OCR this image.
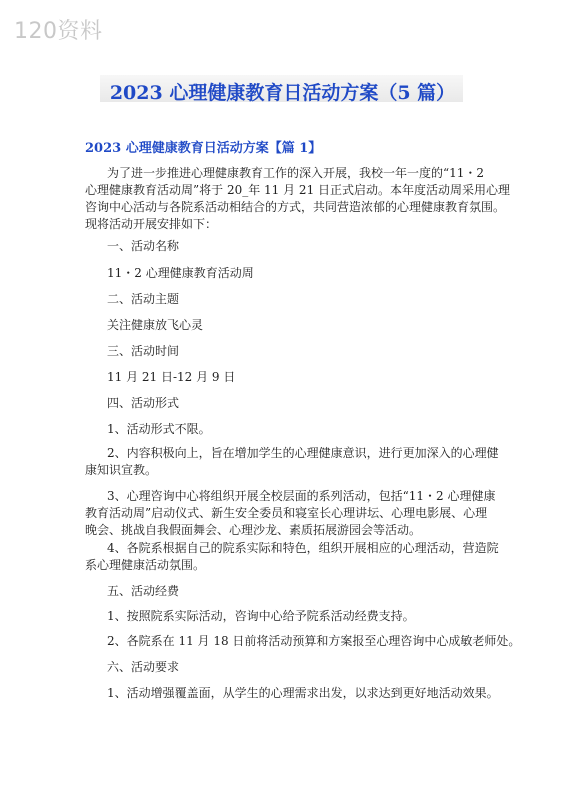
120资料
2023 心理健康教育日活动方案（5 篇）
2023 心理健康教育日活动方案【篇 1】
为了进一步推进心理健康教育工作的深入开展，我校一年一度的“11・2
心理健康教育活动周”将于 20_年 11 月 21 日正式启动。本年度活动周采用心理
咨询中心活动与各院系活动相结合的方式，共同营造浓郁的心理健康教育氛围。
现将活动开展安排如下：
一、活动名称
11・2 心理健康教育活动周
二、活动主题
关注健康放飞心灵
三、活动时间
11 月 21 日-12 月 9 日
四、活动形式
1、活动形式不限。
2、内容积极向上，旨在增加学生的心理健康意识，进行更加深入的心理健
康知识宣教。
3、心理咨询中心将组织开展全校层面的系列活动，包括“11・2 心理健康
教育活动周”启动仪式、新生安全委员和寝室长心理讲坛、心理电影展、心理
晚会、挑战自我假面舞会、心理沙龙、素质拓展游园会等活动。
4、各院系根据自己的院系实际和特色，组织开展相应的心理活动，营造院
系心理健康活动氛围。
五、活动经费
1、按照院系实际活动，咨询中心给予院系活动经费支持。
2、各院系在 11 月 18 日前将活动预算和方案报至心理咨询中心成敏老师处。
六、活动要求
1、活动增强覆盖面，从学生的心理需求出发，以求达到更好地活动效果。
